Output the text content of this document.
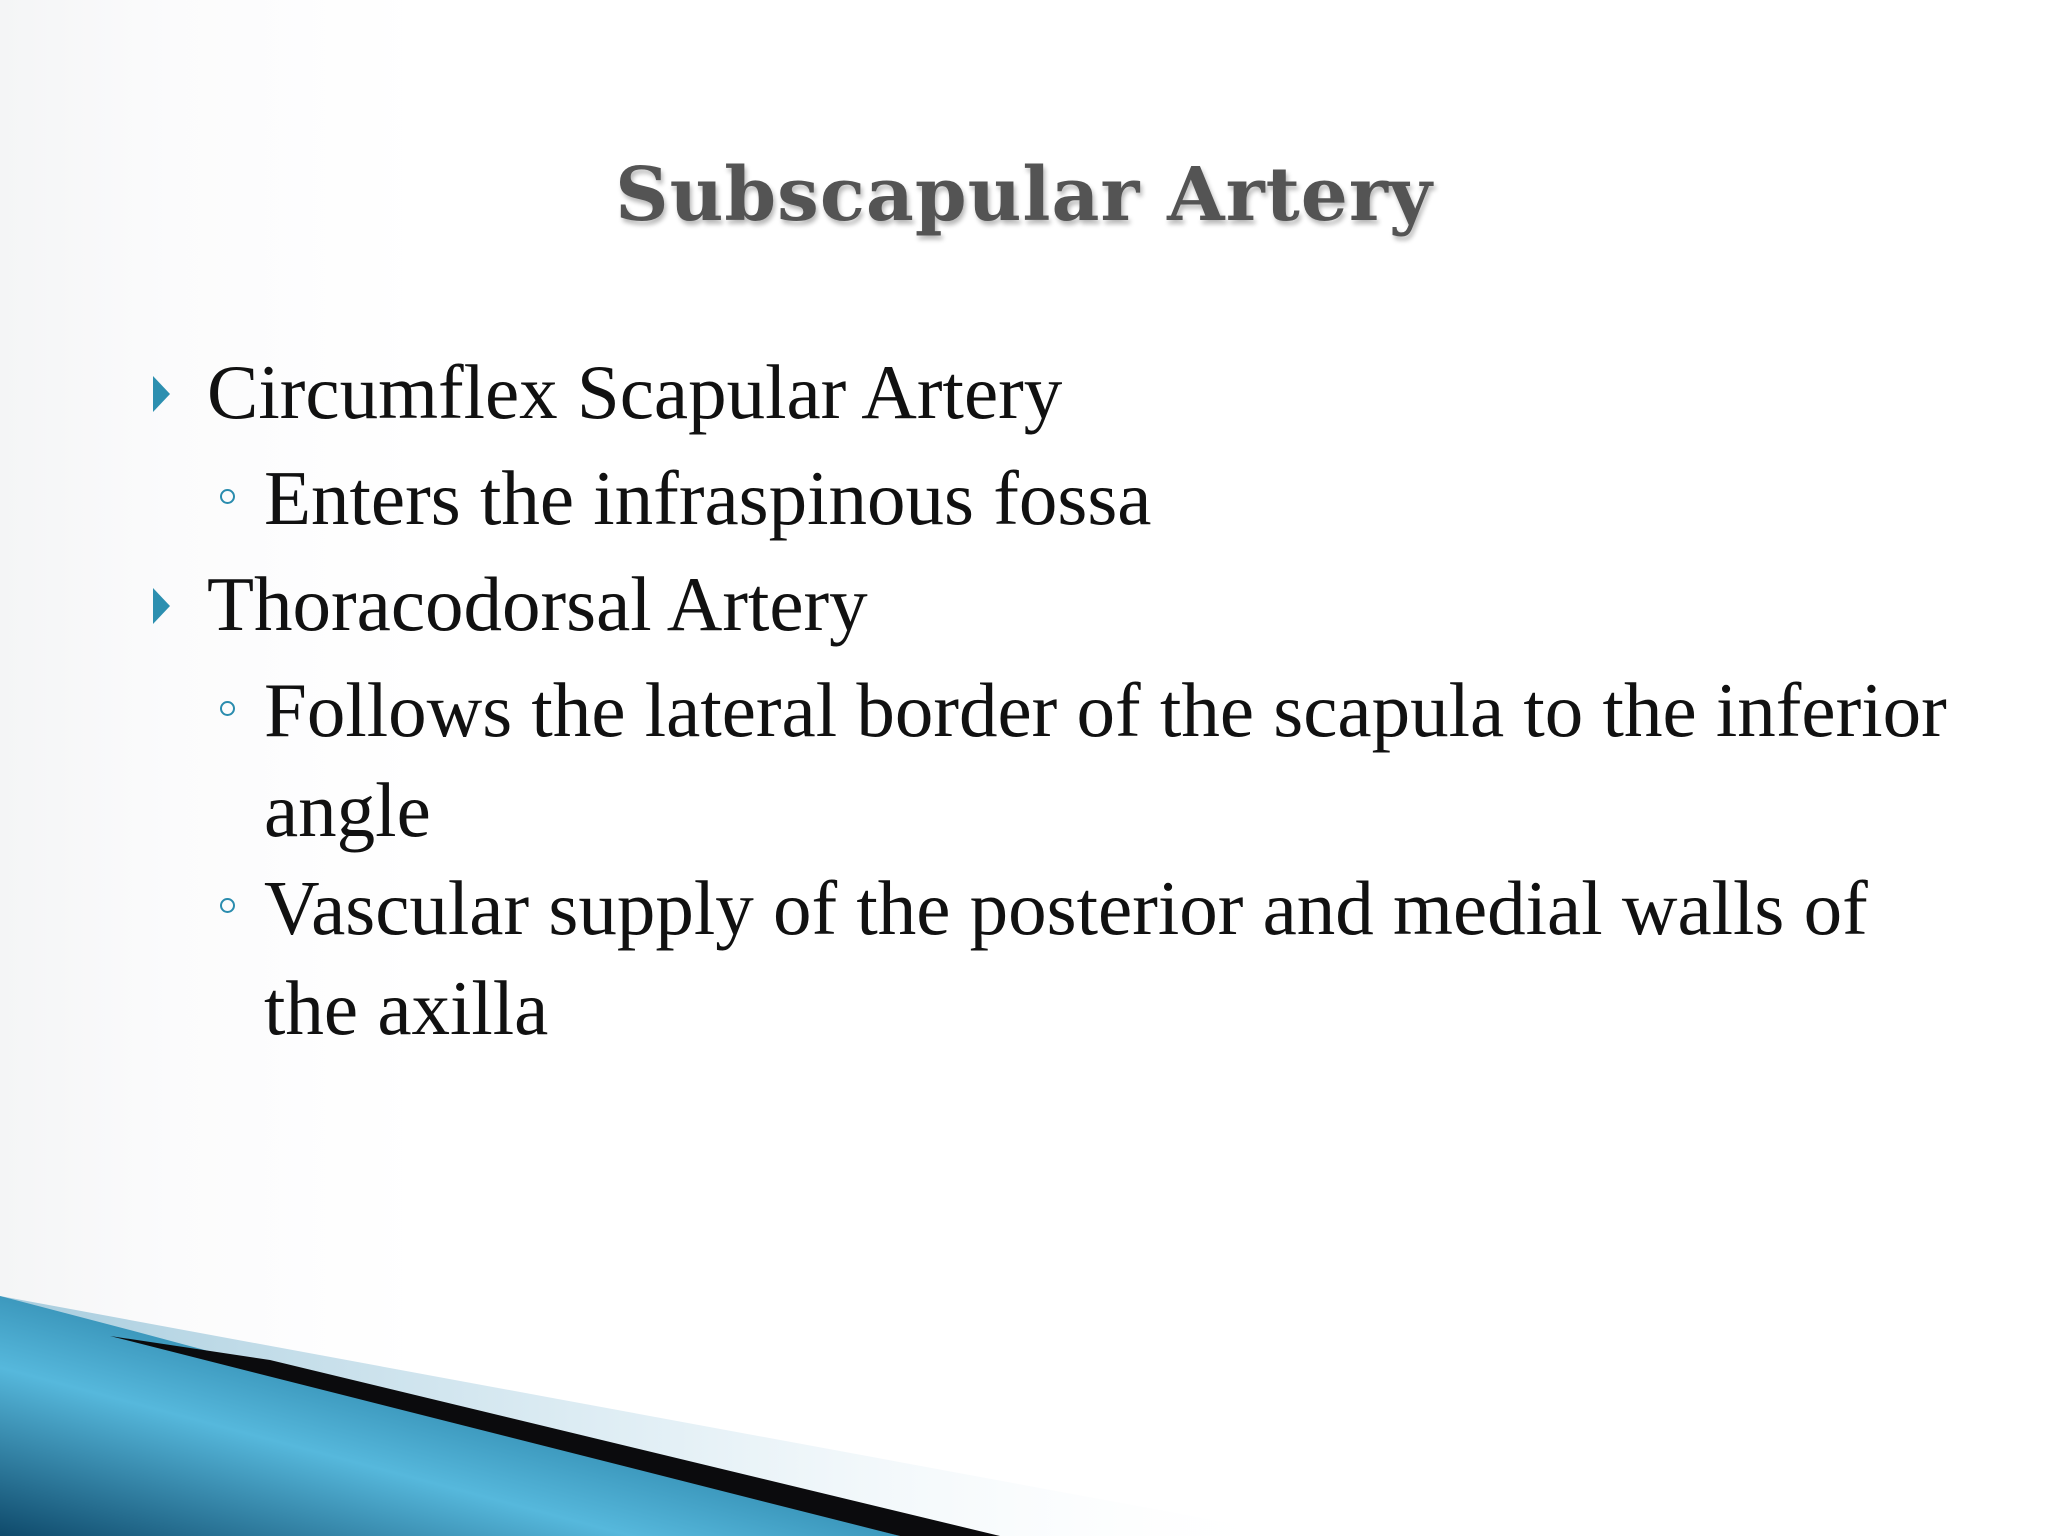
Subscapular Artery
Circumflex Scapular Artery
Enters the infraspinous fossa
Thoracodorsal Artery
Follows the lateral border of the scapula to the inferior angle
Vascular supply of the posterior and medial walls of the axilla
